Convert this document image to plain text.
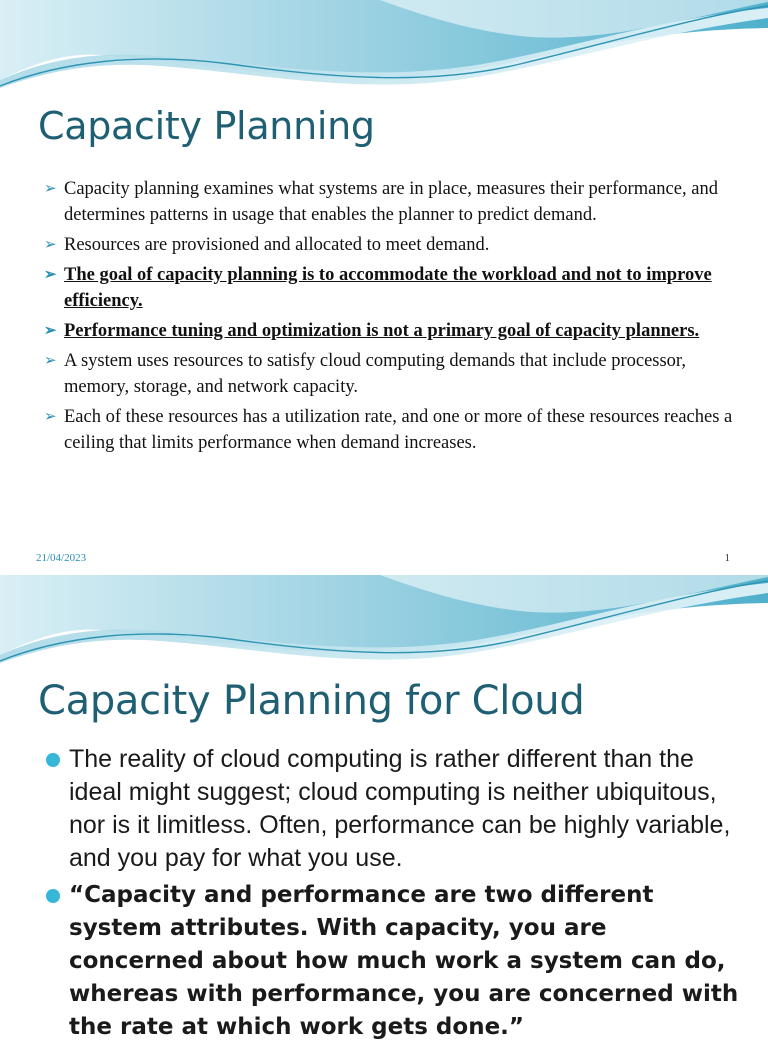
Capacity Planning
➢ Capacity planning examines what systems are in place, measures their performance, and determines patterns in usage that enables the planner to predict demand.
➢ Resources are provisioned and allocated to meet demand.
➢ The goal of capacity planning is to accommodate the workload and not to improve efficiency.
➢ Performance tuning and optimization is not a primary goal of capacity planners.
➢ A system uses resources to satisfy cloud computing demands that include processor, memory, storage, and network capacity.
➢ Each of these resources has a utilization rate, and one or more of these resources reaches a ceiling that limits performance when demand increases.
21/04/2023	1
Capacity Planning for Cloud
The reality of cloud computing is rather different than the ideal might suggest; cloud computing is neither ubiquitous, nor is it limitless. Often, performance can be highly variable, and you pay for what you use.
“Capacity and performance are two different system attributes. With capacity, you are concerned about how much work a system can do, whereas with performance, you are concerned with the rate at which work gets done.”
